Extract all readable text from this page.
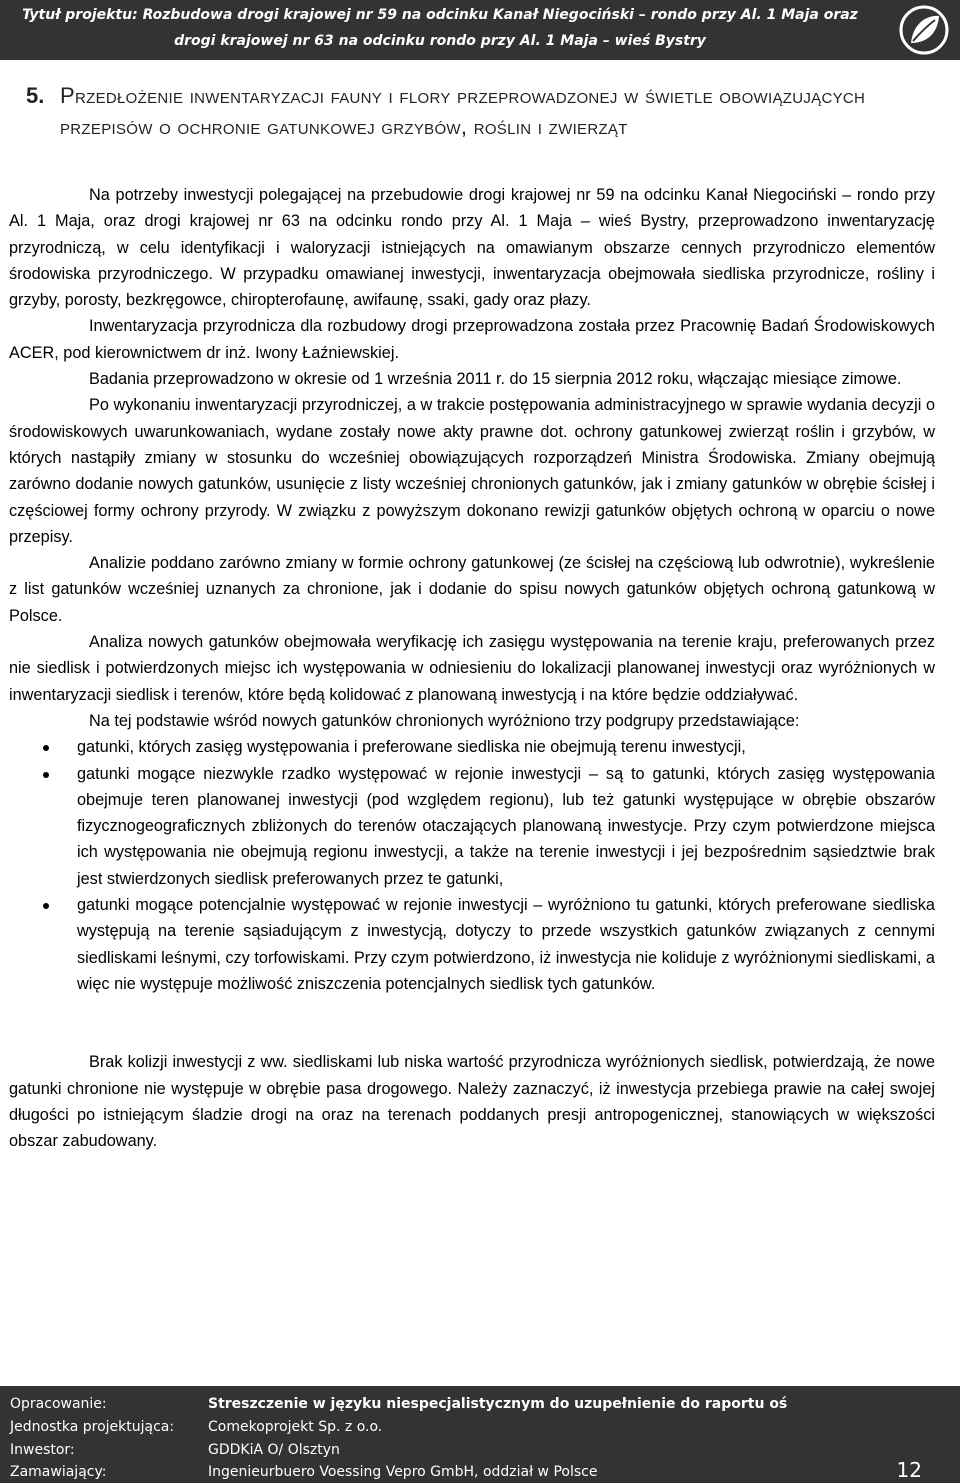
Tytuł projektu: Rozbudowa drogi krajowej nr 59 na odcinku Kanał Niegociński – rondo przy Al. 1 Maja oraz
drogi krajowej nr 63 na odcinku rondo przy Al. 1 Maja – wieś Bystry
5. Przedłożenie inwentaryzacji fauny i flory przeprowadzonej w świetle obowiązujących przepisów o ochronie gatunkowej grzybów, roślin i zwierząt

Na potrzeby inwestycji polegającej na przebudowie drogi krajowej nr 59 na odcinku Kanał Niegociński – rondo przy Al. 1 Maja, oraz drogi krajowej nr 63 na odcinku rondo przy Al. 1 Maja – wieś Bystry, przeprowadzono inwentaryzację przyrodniczą, w celu identyfikacji i waloryzacji istniejących na omawianym obszarze cennych przyrodniczo elementów środowiska przyrodniczego. W przypadku omawianej inwestycji, inwentaryzacja obejmowała siedliska przyrodnicze, rośliny i grzyby, porosty, bezkręgowce, chiropterofaunę, awifaunę, ssaki, gady oraz płazy.

Inwentaryzacja przyrodnicza dla rozbudowy drogi przeprowadzona została przez Pracownię Badań Środowiskowych ACER, pod kierownictwem dr inż. Iwony Łaźniewskiej.

Badania przeprowadzono w okresie od 1 września 2011 r. do 15 sierpnia 2012 roku, włączając miesiące zimowe.

Po wykonaniu inwentaryzacji przyrodniczej, a w trakcie postępowania administracyjnego w sprawie wydania decyzji o środowiskowych uwarunkowaniach, wydane zostały nowe akty prawne dot. ochrony gatunkowej zwierząt roślin i grzybów, w których nastąpiły zmiany w stosunku do wcześniej obowiązujących rozporządzeń Ministra Środowiska. Zmiany obejmują zarówno dodanie nowych gatunków, usunięcie z listy wcześniej chronionych gatunków, jak i zmiany gatunków w obrębie ścisłej i częściowej formy ochrony przyrody. W związku z powyższym dokonano rewizji gatunków objętych ochroną w oparciu o nowe przepisy.

Analizie poddano zarówno zmiany w formie ochrony gatunkowej (ze ścisłej na częściową lub odwrotnie), wykreślenie z list gatunków wcześniej uznanych za chronione, jak i dodanie do spisu nowych gatunków objętych ochroną gatunkową w Polsce.

Analiza nowych gatunków obejmowała weryfikację ich zasięgu występowania na terenie kraju, preferowanych przez nie siedlisk i potwierdzonych miejsc ich występowania w odniesieniu do lokalizacji planowanej inwestycji oraz wyróżnionych w inwentaryzacji siedlisk i terenów, które będą kolidować z planowaną inwestycją i na które będzie oddziaływać.

Na tej podstawie wśród nowych gatunków chronionych wyróżniono trzy podgrupy przedstawiające:

gatunki, których zasięg występowania i preferowane siedliska nie obejmują terenu inwestycji,
gatunki mogące niezwykle rzadko występować w rejonie inwestycji – są to gatunki, których zasięg występowania obejmuje teren planowanej inwestycji (pod względem regionu), lub też gatunki występujące w obrębie obszarów fizycznogeograficznych zbliżonych do terenów otaczających planowaną inwestycje. Przy czym potwierdzone miejsca ich występowania nie obejmują regionu inwestycji, a także na terenie inwestycji i jej bezpośrednim sąsiedztwie brak jest stwierdzonych siedlisk preferowanych przez te gatunki,
gatunki mogące potencjalnie występować w rejonie inwestycji – wyróżniono tu gatunki, których preferowane siedliska występują na terenie sąsiadującym z inwestycją, dotyczy to przede wszystkich gatunków związanych z cennymi siedliskami leśnymi, czy torfowiskami. Przy czym potwierdzono, iż inwestycja nie koliduje z wyróżnionymi siedliskami, a więc nie występuje możliwość zniszczenia potencjalnych siedlisk tych gatunków.

Brak kolizji inwestycji z ww. siedliskami lub niska wartość przyrodnicza wyróżnionych siedlisk, potwierdzają, że nowe gatunki chronione nie występuje w obrębie pasa drogowego. Należy zaznaczyć, iż inwestycja przebiega prawie na całej swojej długości po istniejącym śladzie drogi na oraz na terenach poddanych presji antropogenicznej, stanowiących w większości obszar zabudowany.

Opracowanie:	Streszczenie w języku niespecjalistycznym do uzupełnienie do raportu oś
Jednostka projektująca: Comekoprojekt Sp. z o.o.
Inwestor:	GDDKiA O/ Olsztyn
Zamawiający:	Ingenieurbuero Voessing Vepro GmbH, oddział w Polsce	12
